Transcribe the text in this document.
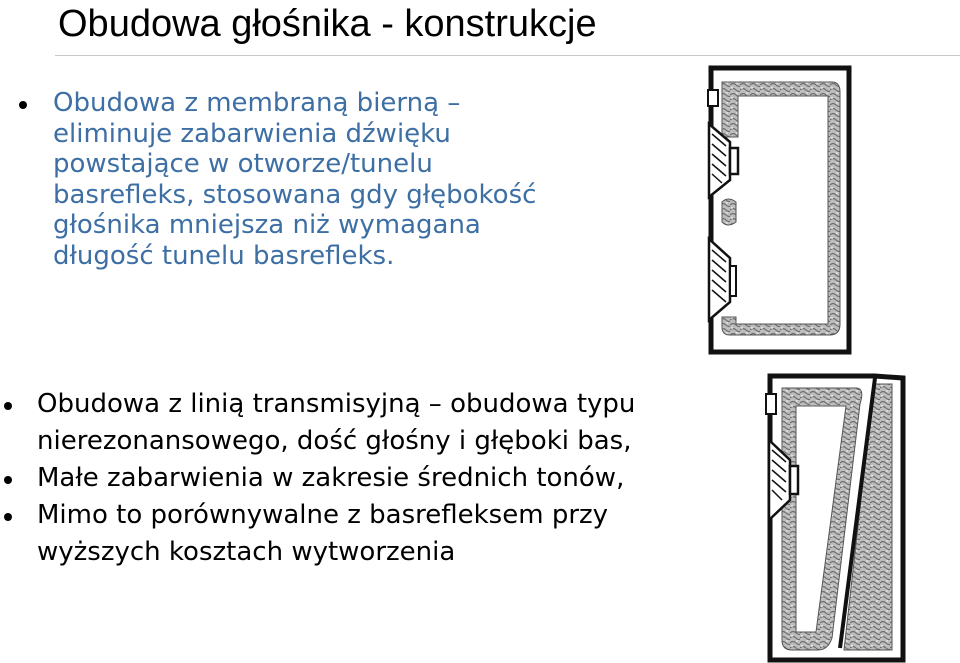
Obudowa głośnika - konstrukcje
Obudowa z membraną bierną –
eliminuje zabarwienia dźwięku
powstające w otworze/tunelu
basrefleks, stosowana gdy głębokość
głośnika mniejsza niż wymagana
długość tunelu basrefleks.
Obudowa z linią transmisyjną – obudowa typu
nierezonansowego, dość głośny i głęboki bas,
Małe zabarwienia w zakresie średnich tonów,
Mimo to porównywalne z basrefleksem przy
wyższych kosztach wytworzenia
